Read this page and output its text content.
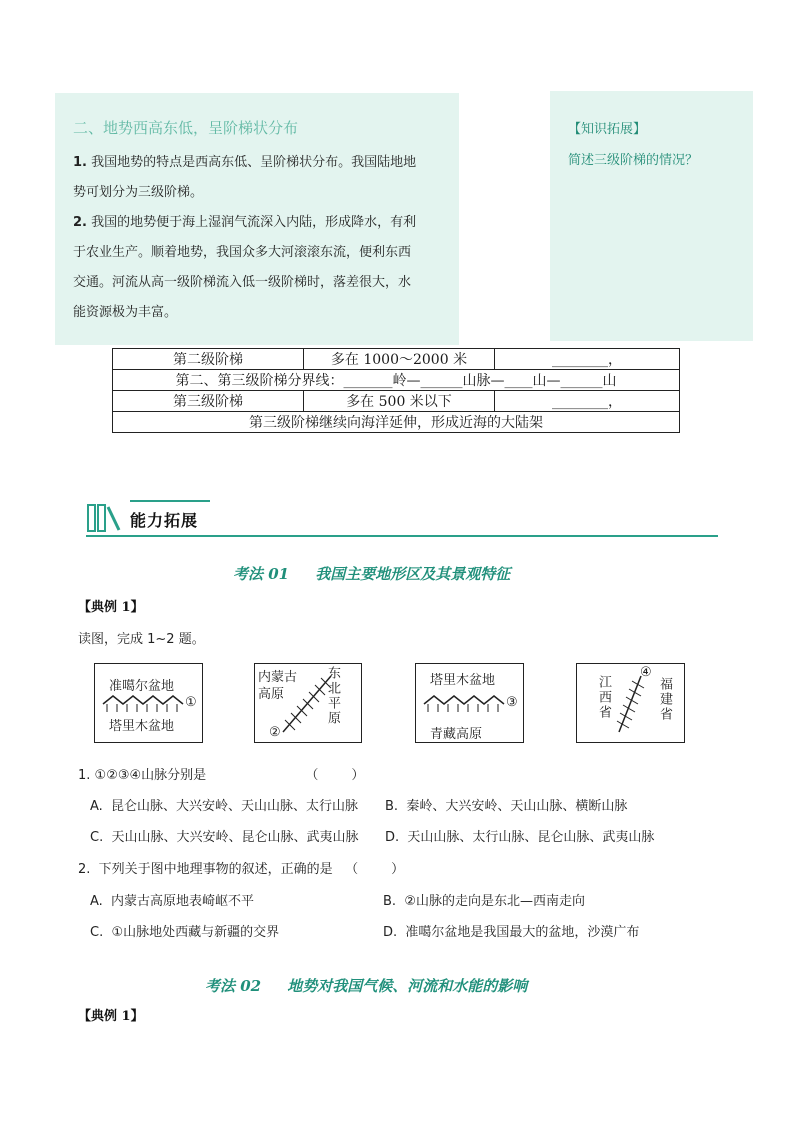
二、地势西高东低，呈阶梯状分布
1. 我国地势的特点是西高东低、呈阶梯状分布。我国陆地地
势可划分为三级阶梯。
2. 我国的地势便于海上湿润气流深入内陆，形成降水，有利
于农业生产。顺着地势，我国众多大河滚滚东流，便利东西
交通。河流从高一级阶梯流入低一级阶梯时，落差很大，水
能资源极为丰富。
【知识拓展】
简述三级阶梯的情况？
第二级阶梯	多在 1000～2000 米	________，
第二、第三级阶梯分界线：_______岭—______山脉—____山—______山		
第三级阶梯	多在 500 米以下	________，
第三级阶梯继续向海洋延伸，形成近海的大陆架		
能力拓展
考法 01     我国主要地形区及其景观特征
【典例 1】
读图，完成 1~2 题。
准噶尔盆地
塔里木盆地
①
内蒙古
高原	东北平原
②
塔里木盆地
青藏高原
③	江西省	福建省
④
1. ①②③④山脉分别是                        （        ）
A.  昆仑山脉、大兴安岭、天山山脉、太行山脉 B.  秦岭、大兴安岭、天山山脉、横断山脉
C.  天山山脉、大兴安岭、昆仑山脉、武夷山脉 D.  天山山脉、太行山脉、昆仑山脉、武夷山脉
2.  下列关于图中地理事物的叙述，正确的是   （        ）
A.  内蒙古高原地表崎岖不平	B.  ②山脉的走向是东北—西南走向
C.  ①山脉地处西藏与新疆的交界	D.  准噶尔盆地是我国最大的盆地，沙漠广布
考法 02     地势对我国气候、河流和水能的影响
【典例 1】
